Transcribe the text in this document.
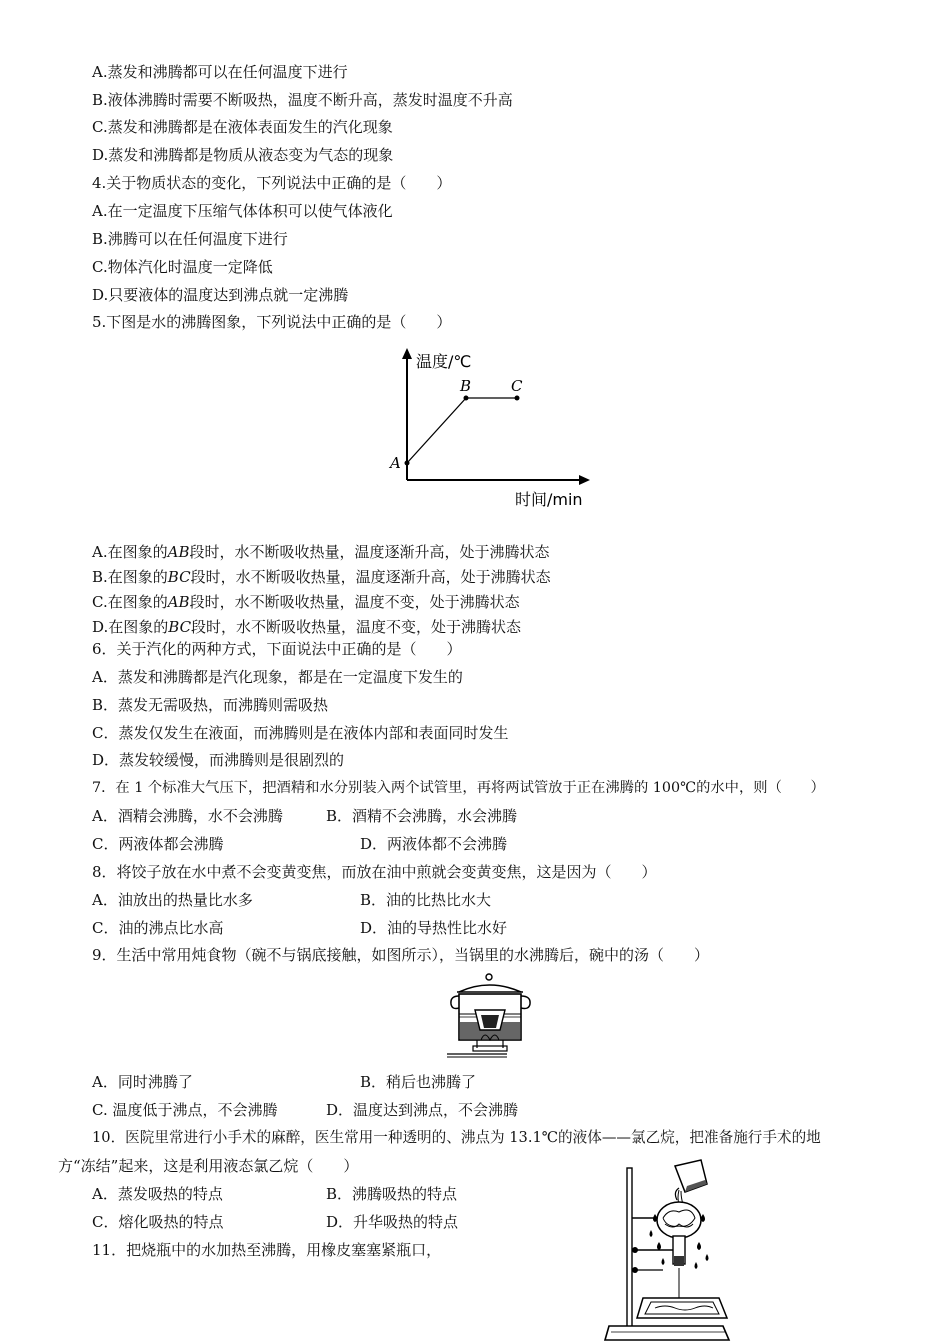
A.蒸发和沸腾都可以在任何温度下进行
B.液体沸腾时需要不断吸热，温度不断升高，蒸发时温度不升高
C.蒸发和沸腾都是在液体表面发生的汽化现象
D.蒸发和沸腾都是物质从液态变为气态的现象
4.关于物质状态的变化，下列说法中正确的是（　　）
A.在一定温度下压缩气体体积可以使气体液化
B.沸腾可以在任何温度下进行
C.物体汽化时温度一定降低
D.只要液体的温度达到沸点就一定沸腾
5.下图是水的沸腾图象，下列说法中正确的是（　　）
温度/℃
时间/min
A
B	C
A.在图象的AB段时，水不断吸收热量，温度逐渐升高，处于沸腾状态
B.在图象的BC段时，水不断吸收热量，温度逐渐升高，处于沸腾状态
C.在图象的AB段时，水不断吸收热量，温度不变，处于沸腾状态
D.在图象的BC段时，水不断吸收热量，温度不变，处于沸腾状态
6．关于汽化的两种方式，下面说法中正确的是（　　）
A．蒸发和沸腾都是汽化现象，都是在一定温度下发生的
B．蒸发无需吸热，而沸腾则需吸热
C．蒸发仅发生在液面，而沸腾则是在液体内部和表面同时发生
D．蒸发较缓慢，而沸腾则是很剧烈的
7．在 1 个标准大气压下，把酒精和水分别装入两个试管里，再将两试管放于正在沸腾的 100℃的水中，则（　　）
A．酒精会沸腾，水不会沸腾	B．酒精不会沸腾，水会沸腾
C．两液体都会沸腾	D．两液体都不会沸腾
8．将饺子放在水中煮不会变黄变焦，而放在油中煎就会变黄变焦，这是因为（　　）
A．油放出的热量比水多	B．油的比热比水大
C．油的沸点比水高	D．油的导热性比水好
9．生活中常用炖食物（碗不与锅底接触，如图所示），当锅里的水沸腾后，碗中的汤（　　）
A．同时沸腾了	B．稍后也沸腾了
C. 温度低于沸点，不会沸腾	D．温度达到沸点，不会沸腾
10．医院里常进行小手术的麻醉，医生常用一种透明的、沸点为 13.1℃的液体——氯乙烷，把准备施行手术的地
方“冻结”起来，这是利用液态氯乙烷（　　）
A．蒸发吸热的特点	B．沸腾吸热的特点
C．熔化吸热的特点	D．升华吸热的特点
11．把烧瓶中的水加热至沸腾，用橡皮塞塞紧瓶口，
